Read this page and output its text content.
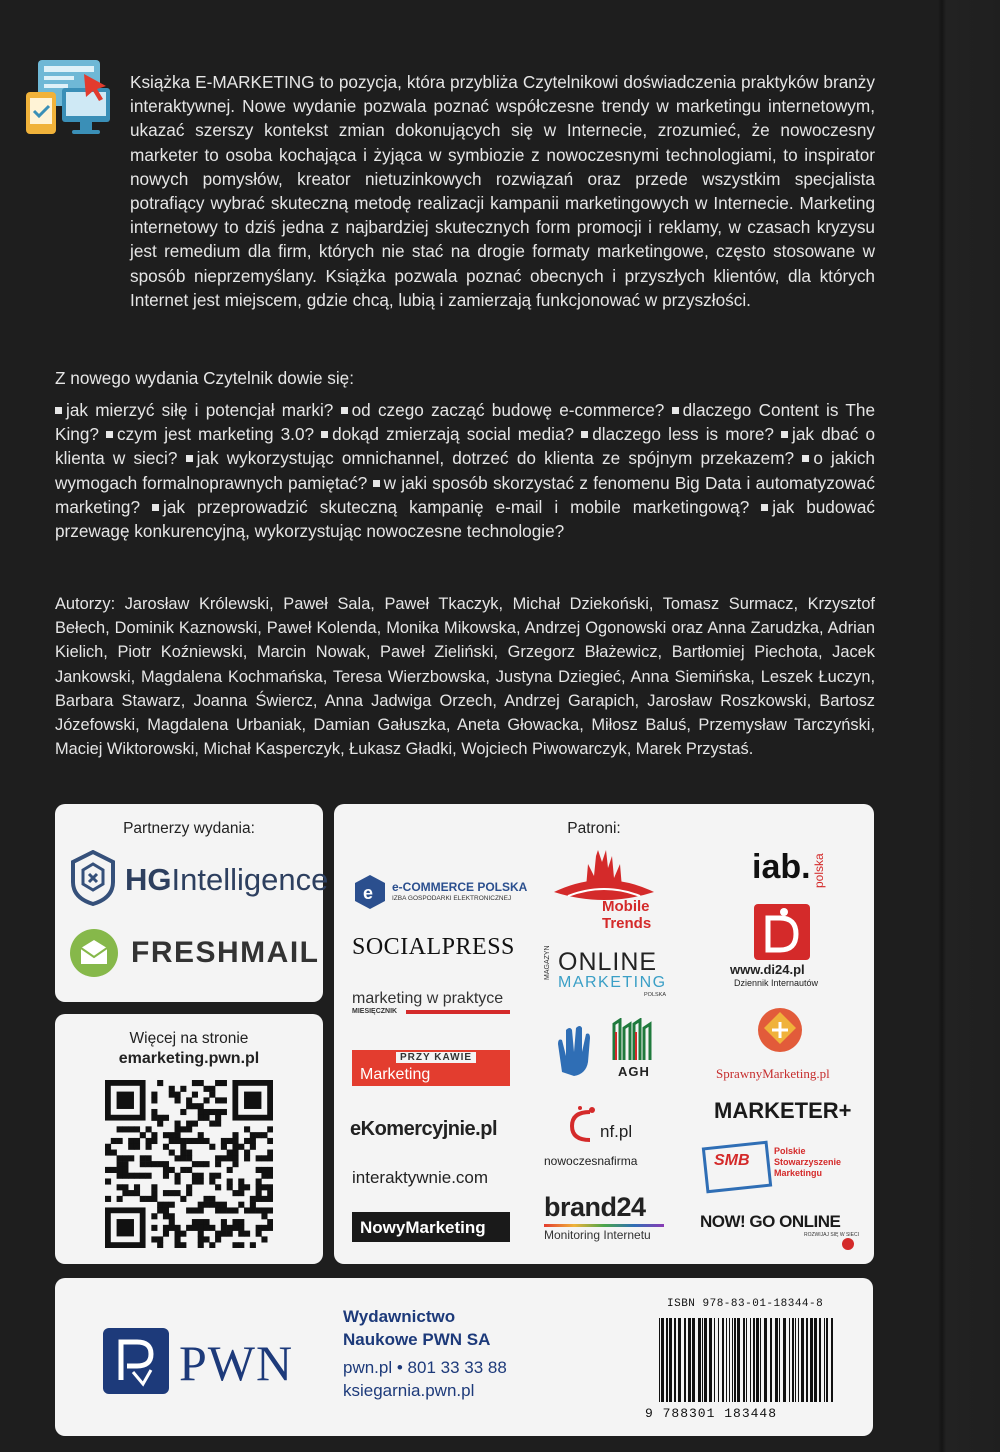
Książka E-MARKETING to pozycja, która przybliża Czytelnikowi doświadczenia praktyków branży interaktywnej. Nowe wydanie pozwala poznać współczesne trendy w marketingu internetowym, ukazać szerszy kontekst zmian dokonujących się w Internecie, zrozumieć, że nowoczesny marketer to osoba kochająca i żyjąca w symbiozie z nowoczesnymi technologiami, to inspirator nowych pomysłów, kreator nietuzinkowych rozwiązań oraz przede wszystkim specjalista potrafiący wybrać skuteczną metodę realizacji kampanii marketingowych w Internecie. Marketing internetowy to dziś jedna z najbardziej skutecznych form promocji i reklamy, w czasach kryzysu jest remedium dla firm, których nie stać na drogie formaty marketingowe, często stosowane w sposób nieprzemyślany. Książka pozwala poznać obecnych i przyszłych klientów, dla których Internet jest miejscem, gdzie chcą, lubią i zamierzają funkcjonować w przyszłości.
Z nowego wydania Czytelnik dowie się:
jak mierzyć siłę i potencjał marki? od czego zacząć budowę e-commerce? dlaczego Content is The King? czym jest marketing 3.0? dokąd zmierzają social media? dlaczego less is more? jak dbać o klienta w sieci? jak wykorzystując omnichannel, dotrzeć do klienta ze spójnym przekazem? o jakich wymogach formalnoprawnych pamiętać? w jaki sposób skorzystać z fenomenu Big Data i automatyzować marketing? jak przeprowadzić skuteczną kampanię e-mail i mobile marketingową? jak budować przewagę konkurencyjną, wykorzystując nowoczesne technologie?
Autorzy: Jarosław Królewski, Paweł Sala, Paweł Tkaczyk, Michał Dziekoński, Tomasz Surmacz, Krzysztof Bełech, Dominik Kaznowski, Paweł Kolenda, Monika Mikowska, Andrzej Ogonowski oraz Anna Zarudzka, Adrian Kielich, Piotr Koźniewski, Marcin Nowak, Paweł Zieliński, Grzegorz Błażewicz, Bartłomiej Piechota, Jacek Jankowski, Magdalena Kochmańska, Teresa Wierzbowska, Justyna Dziegieć, Anna Siemińska, Leszek Łuczyn, Barbara Stawarz, Joanna Świercz, Anna Jadwiga Orzech, Andrzej Garapich, Jarosław Roszkowski, Bartosz Józefowski, Magdalena Urbaniak, Damian Gałuszka, Aneta Głowacka, Miłosz Baluś, Przemysław Tarczyński, Maciej Wiktorowski, Michał Kasperczyk, Łukasz Gładki, Wojciech Piwowarczyk, Marek Przystaś.
Partnerzy wydania:
HGIntelligence
FRESHMAIL
Więcej na stronie
emarketing.pwn.pl
Patroni:
e e-COMMERCE POLSKA
IZBA GOSPODARKI ELEKTRONICZNEJ
SOCIALPRESS
marketing w praktyce
MIESIĘCZNIK
PRZY KAWIE
Marketing
eKomercyjnie.pl
interaktywnie.com
NowyMarketing
Mobile
Trends
MAGAZYN ONLINE
MARKETING
POLSKA
AGH
nf.pl
nowoczesnafirma
brand24
Monitoring Internetu
iab. polska
www.di24.pl
Dziennik Internautów
SprawnyMarketing.pl
MARKETER+
SMB
Polskie
Stowarzyszenie
Marketingu
NOW! GO ONLINE
ROZWIJAJ SIĘ W SIECI
PWN
Wydawnictwo
Naukowe PWN SA
pwn.pl • 801 33 33 88
ksiegarnia.pwn.pl
ISBN 978-83-01-18344-8
9 788301 183448
